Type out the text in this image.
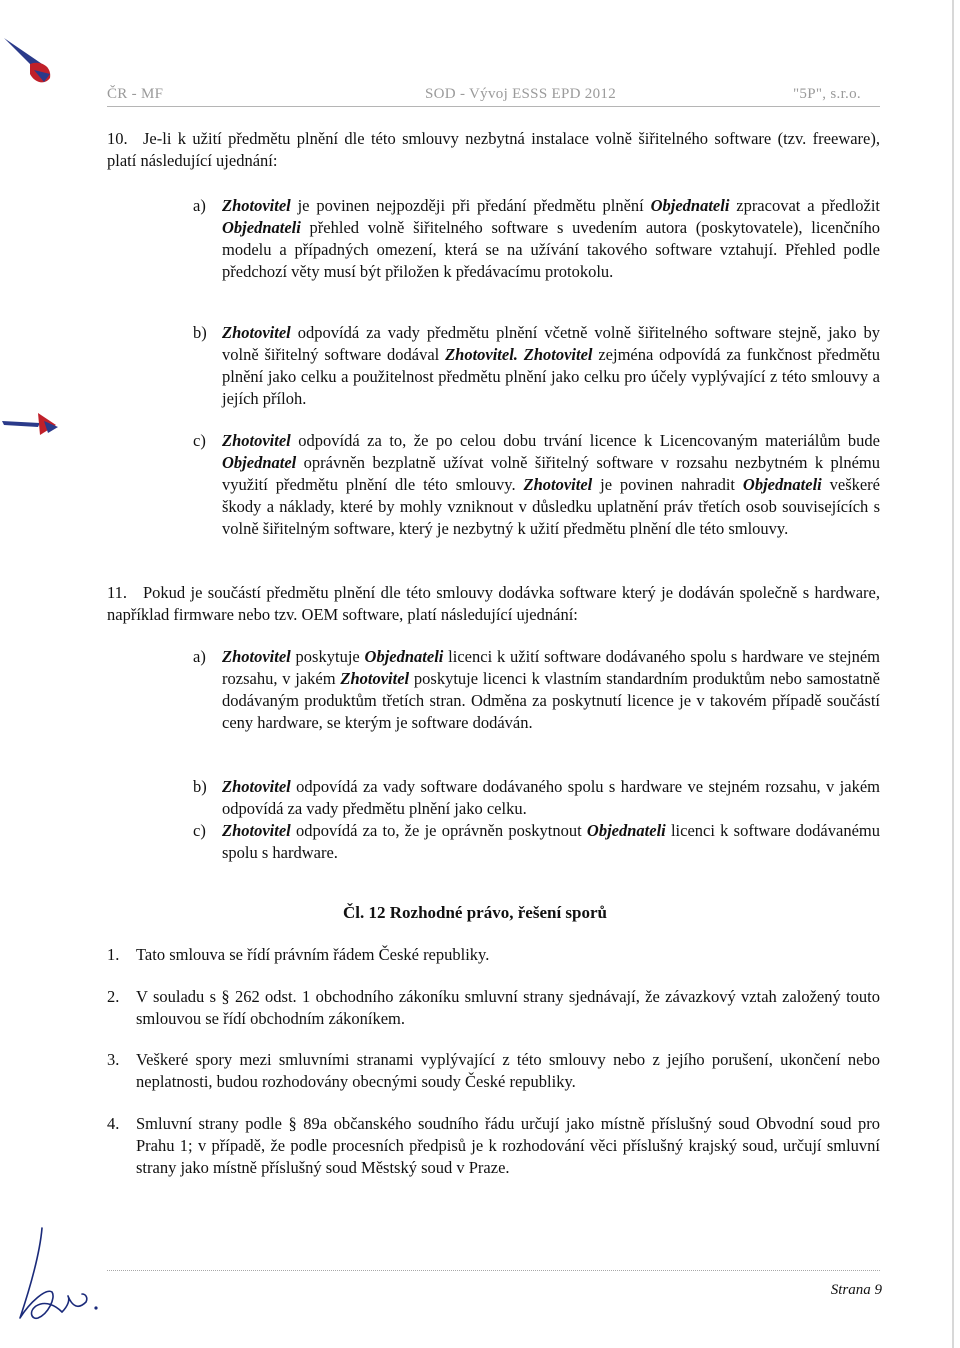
ČR - MF	SOD - Vývoj ESSS EPD 2012	"5P", s.r.o.
10. Je-li k užití předmětu plnění dle této smlouvy nezbytná instalace volně šiřitelného software (tzv. freeware), platí následující ujednání:
a) Zhotovitel je povinen nejpozději při předání předmětu plnění Objednateli zpracovat a předložit Objednateli přehled volně šiřitelného software s uvedením autora (poskytovatele), licenčního modelu a případných omezení, která se na užívání takového software vztahují. Přehled podle předchozí věty musí být přiložen k předávacímu protokolu.
b) Zhotovitel odpovídá za vady předmětu plnění včetně volně šiřitelného software stejně, jako by volně šiřitelný software dodával Zhotovitel. Zhotovitel zejména odpovídá za funkčnost předmětu plnění jako celku a použitelnost předmětu plnění jako celku pro účely vyplývající z této smlouvy a jejích příloh.
c) Zhotovitel odpovídá za to, že po celou dobu trvání licence k Licencovaným materiálům bude Objednatel oprávněn bezplatně užívat volně šiřitelný software v rozsahu nezbytném k plnému využití předmětu plnění dle této smlouvy. Zhotovitel je povinen nahradit Objednateli veškeré škody a náklady, které by mohly vzniknout v důsledku uplatnění práv třetích osob souvisejících s volně šiřitelným software, který je nezbytný k užití předmětu plnění dle této smlouvy.
11. Pokud je součástí předmětu plnění dle této smlouvy dodávka software který je dodáván společně s hardware, například firmware nebo tzv. OEM software, platí následující ujednání:
a) Zhotovitel poskytuje Objednateli licenci k užití software dodávaného spolu s hardware ve stejném rozsahu, v jakém Zhotovitel poskytuje licenci k vlastním standardním produktům nebo samostatně dodávaným produktům třetích stran. Odměna za poskytnutí licence je v takovém případě součástí ceny hardware, se kterým je software dodáván.
b) Zhotovitel odpovídá za vady software dodávaného spolu s hardware ve stejném rozsahu, v jakém odpovídá za vady předmětu plnění jako celku.
c) Zhotovitel odpovídá za to, že je oprávněn poskytnout Objednateli licenci k software dodávanému spolu s hardware.
Čl. 12 Rozhodné právo, řešení sporů
1. Tato smlouva se řídí právním řádem České republiky.
2. V souladu s § 262 odst. 1 obchodního zákoníku smluvní strany sjednávají, že závazkový vztah založený touto smlouvou se řídí obchodním zákoníkem.
3. Veškeré spory mezi smluvními stranami vyplývající z této smlouvy nebo z jejího porušení, ukončení nebo neplatnosti, budou rozhodovány obecnými soudy České republiky.
4. Smluvní strany podle § 89a občanského soudního řádu určují jako místně příslušný soud Obvodní soud pro Prahu 1; v případě, že podle procesních předpisů je k rozhodování věci příslušný krajský soud, určují smluvní strany jako místně příslušný soud Městský soud v Praze.
Strana 9
